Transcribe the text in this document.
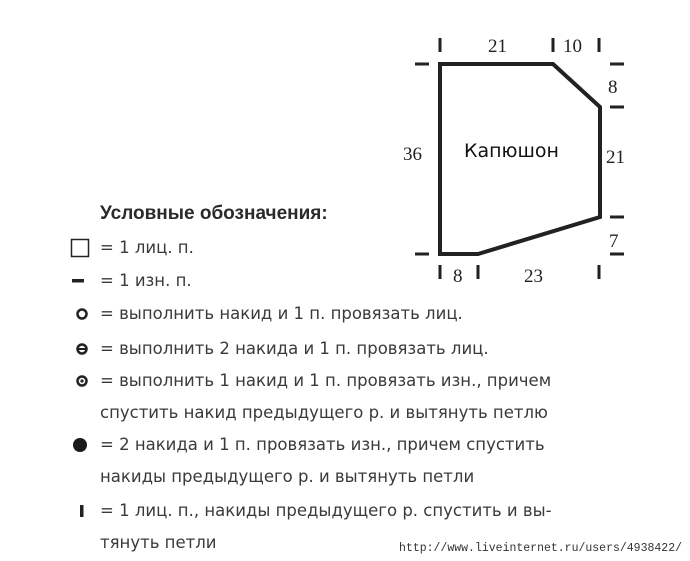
21	10
8
21
36
7
8	23
Капюшон
Условные обозначения:
= 1 лиц. п.
= 1 изн. п.
= выполнить накид и 1 п. провязать лиц.
= выполнить 2 накида и 1 п. провязать лиц.
= выполнить 1 накид и 1 п. провязать изн., причем
спустить накид предыдущего р. и вытянуть петлю
= 2 накида и 1 п. провязать изн., причем спустить
накиды предыдущего р. и вытянуть петли
= 1 лиц. п., накиды предыдущего р. спустить и вы-
тянуть петли	http://www.liveinternet.ru/users/4938422/
